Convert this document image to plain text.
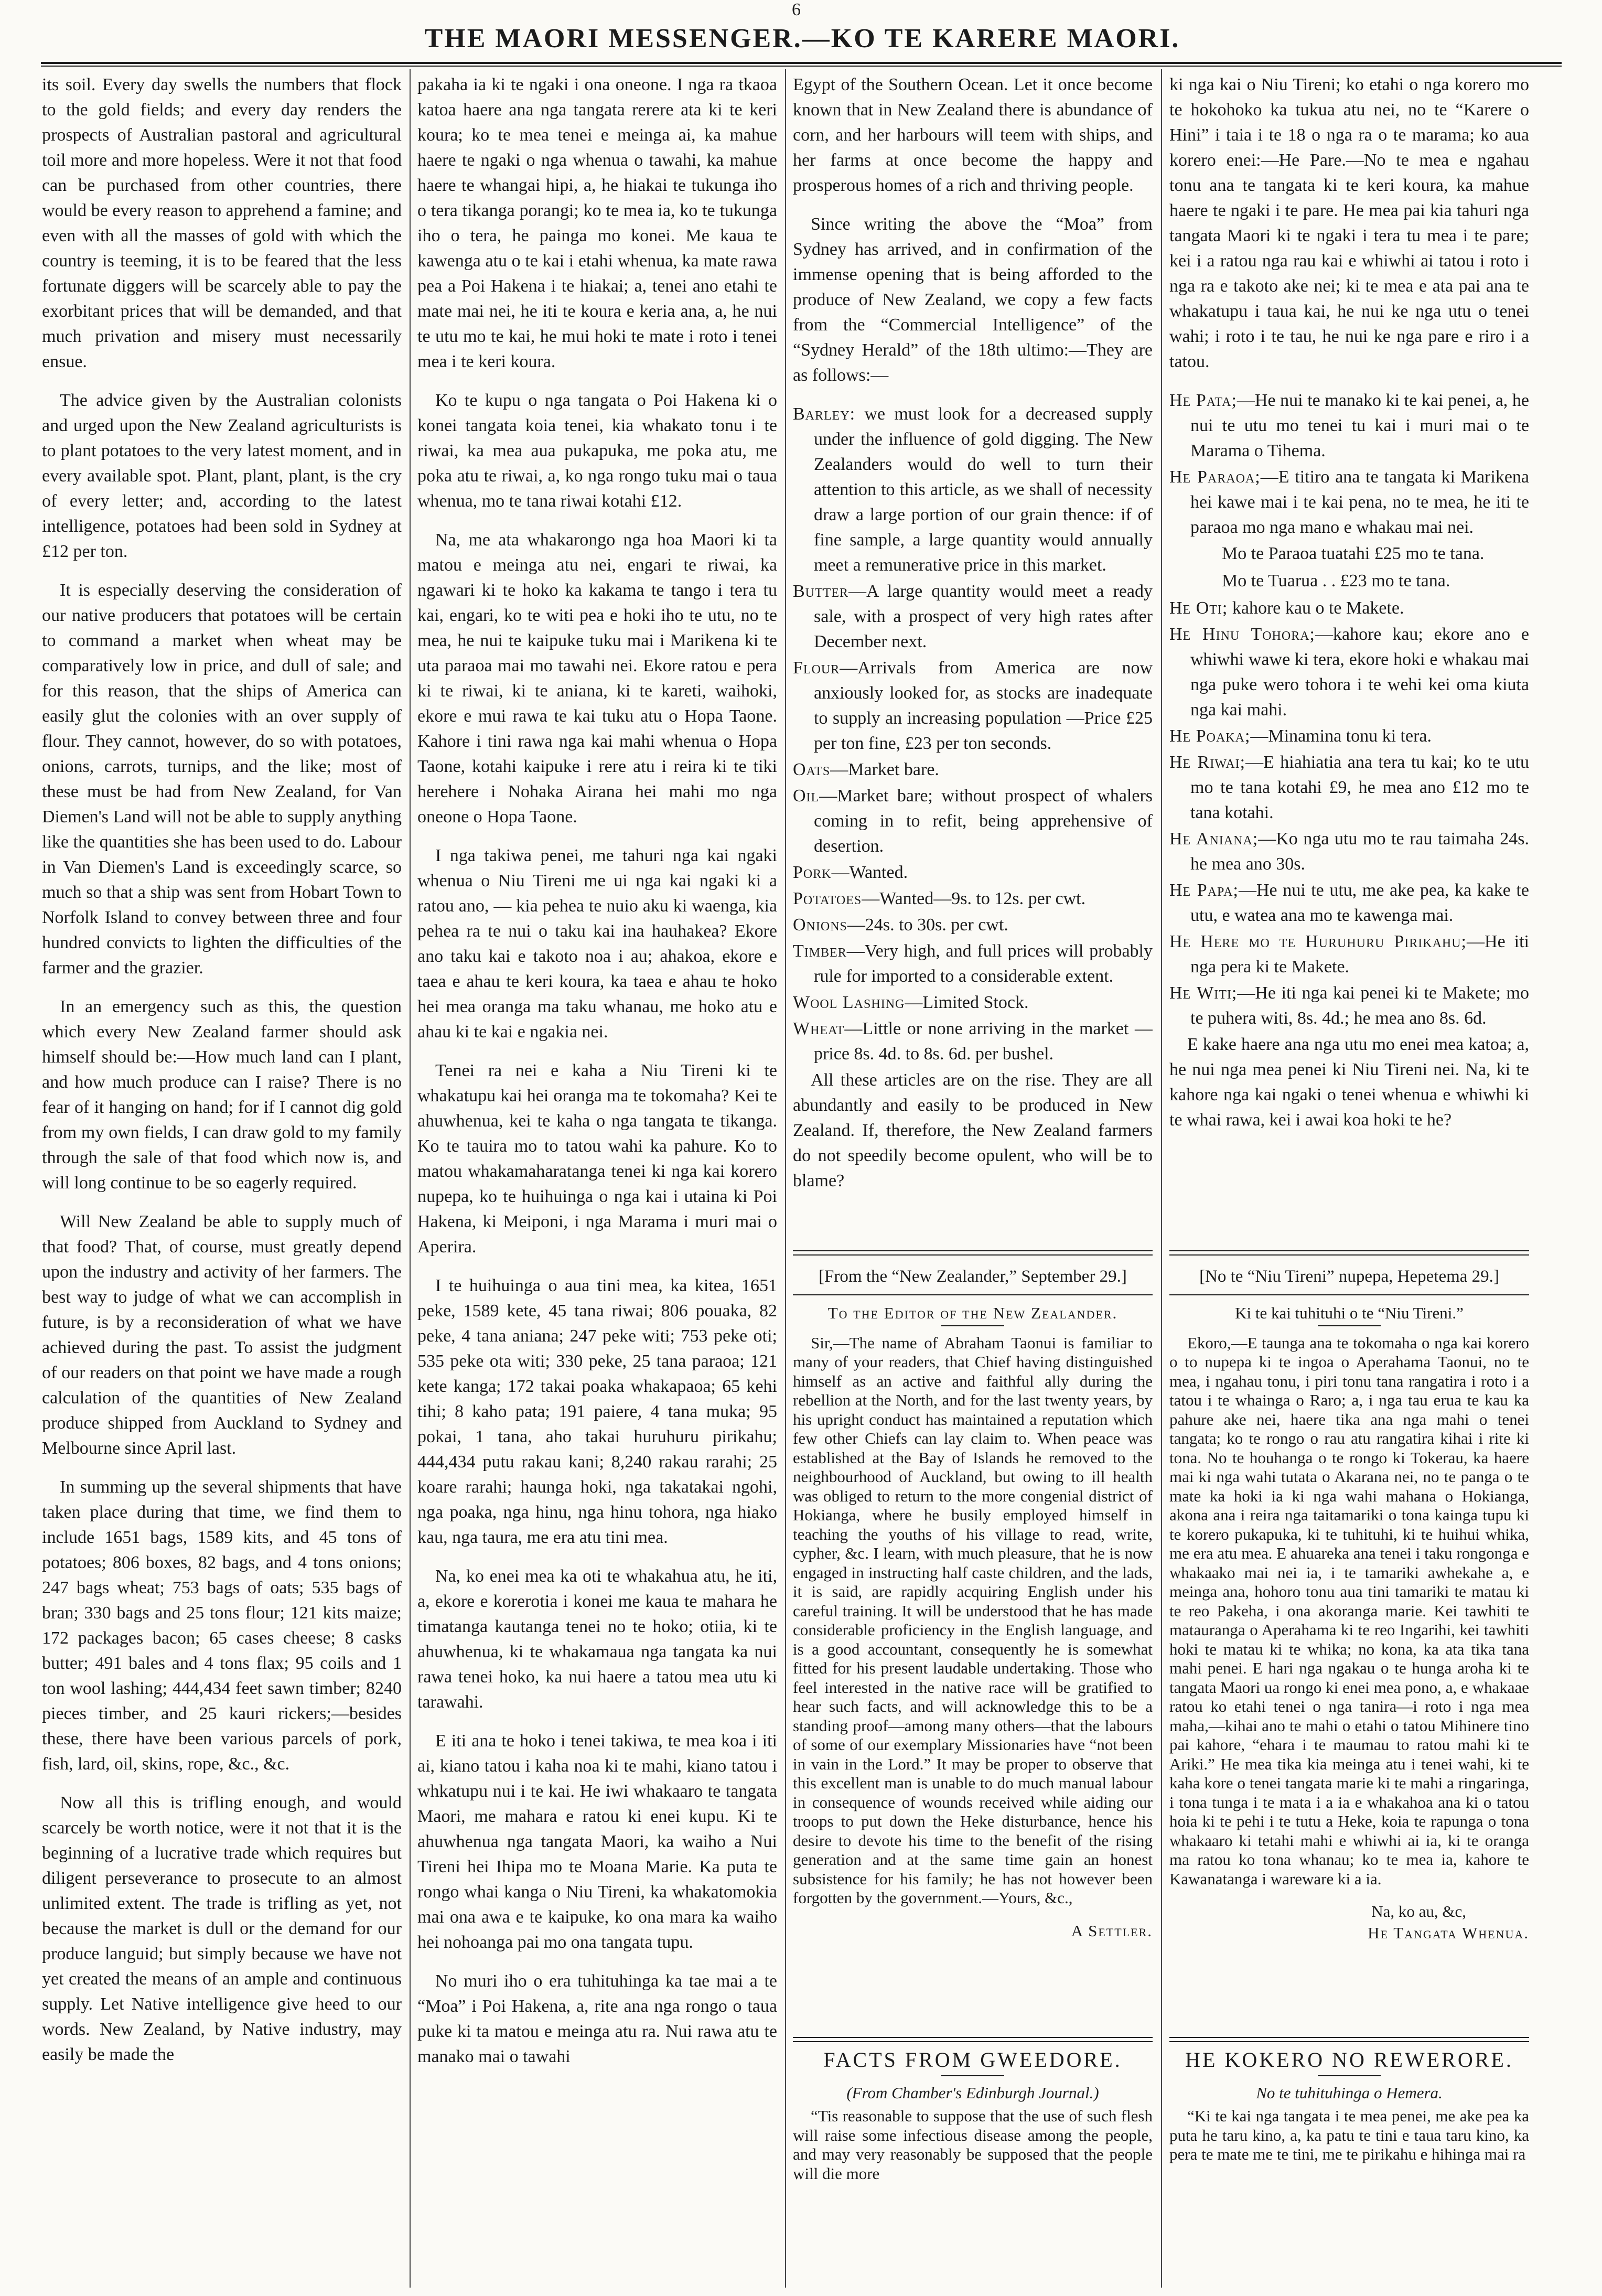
6
THE MAORI MESSENGER.—KO TE KARERE MAORI.

its soil. Every day swells the numbers that flock to the gold fields; and every day renders the prospects of Australian pastoral and agricultural toil more and more hopeless. Were it not that food can be purchased from other countries, there would be every reason to apprehend a famine; and even with all the masses of gold with which the country is teeming, it is to be feared that the less fortunate diggers will be scarcely able to pay the exorbitant prices that will be demanded, and that much privation and misery must necessarily ensue.

The advice given by the Australian colonists and urged upon the New Zealand agriculturists is to plant potatoes to the very latest moment, and in every available spot. Plant, plant, plant, is the cry of every letter; and, according to the latest intelligence, potatoes had been sold in Sydney at £12 per ton.

It is especially deserving the consideration of our native producers that potatoes will be certain to command a market when wheat may be comparatively low in price, and dull of sale; and for this reason, that the ships of America can easily glut the colonies with an over supply of flour. They cannot, however, do so with potatoes, onions, carrots, turnips, and the like; most of these must be had from New Zealand, for Van Diemen's Land will not be able to supply anything like the quantities she has been used to do. Labour in Van Diemen's Land is exceedingly scarce, so much so that a ship was sent from Hobart Town to Norfolk Island to convey between three and four hundred convicts to lighten the difficulties of the farmer and the grazier.

In an emergency such as this, the question which every New Zealand farmer should ask himself should be:—How much land can I plant, and how much produce can I raise? There is no fear of it hanging on hand; for if I cannot dig gold from my own fields, I can draw gold to my family through the sale of that food which now is, and will long continue to be so eagerly required.

Will New Zealand be able to supply much of that food? That, of course, must greatly depend upon the industry and activity of her farmers. The best way to judge of what we can accomplish in future, is by a reconsideration of what we have achieved during the past. To assist the judgment of our readers on that point we have made a rough calculation of the quantities of New Zealand produce shipped from Auckland to Sydney and Melbourne since April last.

In summing up the several shipments that have taken place during that time, we find them to include 1651 bags, 1589 kits, and 45 tons of potatoes; 806 boxes, 82 bags, and 4 tons onions; 247 bags wheat; 753 bags of oats; 535 bags of bran; 330 bags and 25 tons flour; 121 kits maize; 172 packages bacon; 65 cases cheese; 8 casks butter; 491 bales and 4 tons flax; 95 coils and 1 ton wool lashing; 444,434 feet sawn timber; 8240 pieces timber, and 25 kauri rickers;—besides these, there have been various parcels of pork, fish, lard, oil, skins, rope, &c., &c.

Now all this is trifling enough, and would scarcely be worth notice, were it not that it is the beginning of a lucrative trade which requires but diligent perseverance to prosecute to an almost unlimited extent. The trade is trifling as yet, not because the market is dull or the demand for our produce languid; but simply because we have not yet created the means of an ample and continuous supply. Let Native intelligence give heed to our words. New Zealand, by Native industry, may easily be made the

pakaha ia ki te ngaki i ona oneone. I nga ra tkaoa katoa haere ana nga tangata rerere ata ki te keri koura; ko te mea tenei e meinga ai, ka mahue haere te ngaki o nga whenua o tawahi, ka mahue haere te whangai hipi, a, he hiakai te tukunga iho o tera tikanga porangi; ko te mea ia, ko te tukunga iho o tera, he painga mo konei. Me kaua te kawenga atu o te kai i etahi whenua, ka mate rawa pea a Poi Hakena i te hiakai; a, tenei ano etahi te mate mai nei, he iti te koura e keria ana, a, he nui te utu mo te kai, he mui hoki te mate i roto i tenei mea i te keri koura.

Ko te kupu o nga tangata o Poi Hakena ki o konei tangata koia tenei, kia whakato tonu i te riwai, ka mea aua pukapuka, me poka atu, me poka atu te riwai, a, ko nga rongo tuku mai o taua whenua, mo te tana riwai kotahi £12.

Na, me ata whakarongo nga hoa Maori ki ta matou e meinga atu nei, engari te riwai, ka ngawari ki te hoko ka kakama te tango i tera tu kai, engari, ko te witi pea e hoki iho te utu, no te mea, he nui te kaipuke tuku mai i Marikena ki te uta paraoa mai mo tawahi nei. Ekore ratou e pera ki te riwai, ki te aniana, ki te kareti, waihoki, ekore e mui rawa te kai tuku atu o Hopa Taone. Kahore i tini rawa nga kai mahi whenua o Hopa Taone, kotahi kaipuke i rere atu i reira ki te tiki herehere i Nohaka Airana hei mahi mo nga oneone o Hopa Taone.

I nga takiwa penei, me tahuri nga kai ngaki whenua o Niu Tireni me ui nga kai ngaki ki a ratou ano, — kia pehea te nuio aku ki waenga, kia pehea ra te nui o taku kai ina hauhakea? Ekore ano taku kai e takoto noa i au; ahakoa, ekore e taea e ahau te keri koura, ka taea e ahau te hoko hei mea oranga ma taku whanau, me hoko atu e ahau ki te kai e ngakia nei.

Tenei ra nei e kaha a Niu Tireni ki te whakatupu kai hei oranga ma te tokomaha? Kei te ahuwhenua, kei te kaha o nga tangata te tikanga. Ko te tauira mo to tatou wahi ka pahure. Ko to matou whakamaharatanga tenei ki nga kai korero nupepa, ko te huihuinga o nga kai i utaina ki Poi Hakena, ki Meiponi, i nga Marama i muri mai o Aperira.

I te huihuinga o aua tini mea, ka kitea, 1651 peke, 1589 kete, 45 tana riwai; 806 pouaka, 82 peke, 4 tana aniana; 247 peke witi; 753 peke oti; 535 peke ota witi; 330 peke, 25 tana paraoa; 121 kete kanga; 172 takai poaka whakapaoa; 65 kehi tihi; 8 kaho pata; 191 paiere, 4 tana muka; 95 pokai, 1 tana, aho takai huruhuru pirikahu; 444,434 putu rakau kani; 8,240 rakau rarahi; 25 koare rarahi; haunga hoki, nga takatakai ngohi, nga poaka, nga hinu, nga hinu tohora, nga hiako kau, nga taura, me era atu tini mea.

Na, ko enei mea ka oti te whakahua atu, he iti, a, ekore e korerotia i konei me kaua te mahara he timatanga kautanga tenei no te hoko; otiia, ki te ahuwhenua, ki te whakamaua nga tangata ka nui rawa tenei hoko, ka nui haere a tatou mea utu ki tarawahi.

E iti ana te hoko i tenei takiwa, te mea koa i iti ai, kiano tatou i kaha noa ki te mahi, kiano tatou i whkatupu nui i te kai. He iwi whakaaro te tangata Maori, me mahara e ratou ki enei kupu. Ki te ahuwhenua nga tangata Maori, ka waiho a Nui Tireni hei Ihipa mo te Moana Marie. Ka puta te rongo whai kanga o Niu Tireni, ka whakatomokia mai ona awa e te kaipuke, ko ona mara ka waiho hei nohoanga pai mo ona tangata tupu.

No muri iho o era tuhituhinga ka tae mai a te “Moa” i Poi Hakena, a, rite ana nga rongo o taua puke ki ta matou e meinga atu ra. Nui rawa atu te manako mai o tawahi

Egypt of the Southern Ocean. Let it once become known that in New Zealand there is abundance of corn, and her harbours will teem with ships, and her farms at once become the happy and prosperous homes of a rich and thriving people.

Since writing the above the “Moa” from Sydney has arrived, and in confirmation of the immense opening that is being afforded to the produce of New Zealand, we copy a few facts from the “Commercial Intelligence” of the “Sydney Herald” of the 18th ultimo:—They are as follows:—

Barley: we must look for a decreased supply under the influence of gold digging. The New Zealanders would do well to turn their attention to this article, as we shall of necessity draw a large portion of our grain thence: if of fine sample, a large quantity would annually meet a remunerative price in this market.

Butter—A large quantity would meet a ready sale, with a prospect of very high rates after December next.

Flour—Arrivals from America are now anxiously looked for, as stocks are inadequate to supply an increasing population —Price £25 per ton fine, £23 per ton seconds.

Oats—Market bare.

Oil—Market bare; without prospect of whalers coming in to refit, being apprehensive of desertion.

Pork—Wanted.

Potatoes—Wanted—9s. to 12s. per cwt.

Onions—24s. to 30s. per cwt.

Timber—Very high, and full prices will probably rule for imported to a considerable extent.

Wool Lashing—Limited Stock.

Wheat—Little or none arriving in the market —price 8s. 4d. to 8s. 6d. per bushel.

All these articles are on the rise. They are all abundantly and easily to be produced in New Zealand. If, therefore, the New Zealand farmers do not speedily become opulent, who will be to blame?

[From the “New Zealander,” September 29.]

To the Editor of the New Zealander.

Sir,—The name of Abraham Taonui is familiar to many of your readers, that Chief having distinguished himself as an active and faithful ally during the rebellion at the North, and for the last twenty years, by his upright conduct has maintained a reputation which few other Chiefs can lay claim to. When peace was established at the Bay of Islands he removed to the neighbourhood of Auckland, but owing to ill health was obliged to return to the more congenial district of Hokianga, where he busily employed himself in teaching the youths of his village to read, write, cypher, &c. I learn, with much pleasure, that he is now engaged in instructing half caste children, and the lads, it is said, are rapidly acquiring English under his careful training. It will be understood that he has made considerable proficiency in the English language, and is a good accountant, consequently he is somewhat fitted for his present laudable undertaking. Those who feel interested in the native race will be gratified to hear such facts, and will acknowledge this to be a standing proof—among many others—that the labours of some of our exemplary Missionaries have “not been in vain in the Lord.” It may be proper to observe that this excellent man is unable to do much manual labour in consequence of wounds received while aiding our troops to put down the Heke disturbance, hence his desire to devote his time to the benefit of the rising generation and at the same time gain an honest subsistence for his family; he has not however been forgotten by the government.—Yours, &c.,

A Settler.

FACTS FROM GWEEDORE.

(From Chamber's Edinburgh Journal.)

“Tis reasonable to suppose that the use of such flesh will raise some infectious disease among the people, and may very reasonably be supposed that the people will die more

ki nga kai o Niu Tireni; ko etahi o nga korero mo te hokohoko ka tukua atu nei, no te “Karere o Hini” i taia i te 18 o nga ra o te marama; ko aua korero enei:—He Pare.—No te mea e ngahau tonu ana te tangata ki te keri koura, ka mahue haere te ngaki i te pare. He mea pai kia tahuri nga tangata Maori ki te ngaki i tera tu mea i te pare; kei i a ratou nga rau kai e whiwhi ai tatou i roto i nga ra e takoto ake nei; ki te mea e ata pai ana te whakatupu i taua kai, he nui ke nga utu o tenei wahi; i roto i te tau, he nui ke nga pare e riro i a tatou.

He Pata;—He nui te manako ki te kai penei, a, he nui te utu mo tenei tu kai i muri mai o te Marama o Tihema.

He Paraoa;—E titiro ana te tangata ki Marikena hei kawe mai i te kai pena, no te mea, he iti te paraoa mo nga mano e whakau mai nei.

Mo te Paraoa tuatahi £25 mo te tana.

Mo te Tuarua . . £23 mo te tana.

He Oti; kahore kau o te Makete.

He Hinu Tohora;—kahore kau; ekore ano e whiwhi wawe ki tera, ekore hoki e whakau mai nga puke wero tohora i te wehi kei oma kiuta nga kai mahi.

He Poaka;—Minamina tonu ki tera.

He Riwai;—E hiahiatia ana tera tu kai; ko te utu mo te tana kotahi £9, he mea ano £12 mo te tana kotahi.

He Aniana;—Ko nga utu mo te rau taimaha 24s. he mea ano 30s.

He Papa;—He nui te utu, me ake pea, ka kake te utu, e watea ana mo te kawenga mai.

He Here mo te Huruhuru Pirikahu;—He iti nga pera ki te Makete.

He Witi;—He iti nga kai penei ki te Makete; mo te puhera witi, 8s. 4d.; he mea ano 8s. 6d.

E kake haere ana nga utu mo enei mea katoa; a, he nui nga mea penei ki Niu Tireni nei. Na, ki te kahore nga kai ngaki o tenei whenua e whiwhi ki te whai rawa, kei i awai koa hoki te he?

[No te “Niu Tireni” nupepa, Hepetema 29.]

Ki te kai tuhituhi o te “Niu Tireni.”

Ekoro,—E taunga ana te tokomaha o nga kai korero o to nupepa ki te ingoa o Aperahama Taonui, no te mea, i ngahau tonu, i piri tonu tana rangatira i roto i a tatou i te whainga o Raro; a, i nga tau erua te kau ka pahure ake nei, haere tika ana nga mahi o tenei tangata; ko te rongo o rau atu rangatira kihai i rite ki tona. No te houhanga o te rongo ki Tokerau, ka haere mai ki nga wahi tutata o Akarana nei, no te panga o te mate ka hoki ia ki nga wahi mahana o Hokianga, akona ana i reira nga taitamariki o tona kainga tupu ki te korero pukapuka, ki te tuhituhi, ki te huihui whika, me era atu mea. E ahuareka ana tenei i taku rongonga e whakaako mai nei ia, i te tamariki awhekahe a, e meinga ana, hohoro tonu aua tini tamariki te matau ki te reo Pakeha, i ona akoranga marie. Kei tawhiti te matauranga o Aperahama ki te reo Ingarihi, kei tawhiti hoki te matau ki te whika; no kona, ka ata tika tana mahi penei. E hari nga ngakau o te hunga aroha ki te tangata Maori ua rongo ki enei mea pono, a, e whakaae ratou ko etahi tenei o nga tanira—i roto i nga mea maha,—kihai ano te mahi o etahi o tatou Mihinere tino pai kahore, “ehara i te maumau to ratou mahi ki te Ariki.” He mea tika kia meinga atu i tenei wahi, ki te kaha kore o tenei tangata marie ki te mahi a ringaringa, i tona tunga i te mata i a ia e whakahoa ana ki o tatou hoia ki te pehi i te tutu a Heke, koia te rapunga o tona whakaaro ki tetahi mahi e whiwhi ai ia, ki te oranga ma ratou ko tona whanau; ko te mea ia, kahore te Kawanatanga i wareware ki a ia.

Na, ko au, &c,

He Tangata Whenua.

HE KOKERO NO REWERORE.

No te tuhituhinga o Hemera.

“Ki te kai nga tangata i te mea penei, me ake pea ka puta he taru kino, a, ka patu te tini e taua taru kino, ka pera te mate me te tini, me te pirikahu e hihinga mai ra
